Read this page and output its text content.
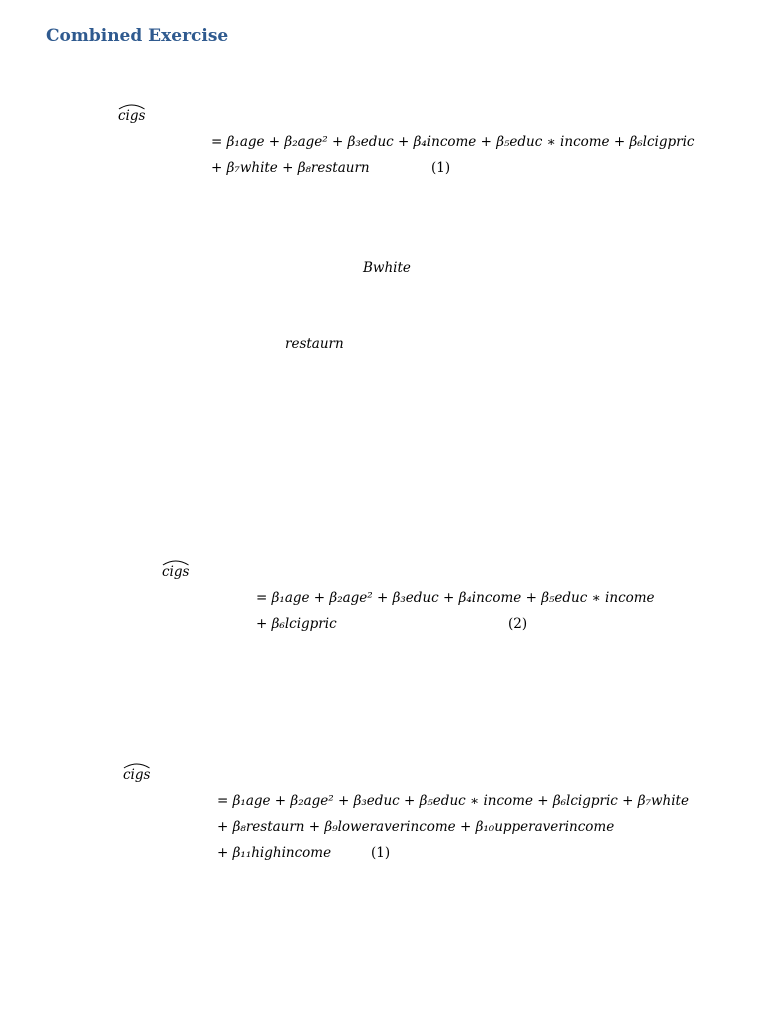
Combined Exercise
cigs
= β₁age + β₂age² + β₃educ + β₄income + β₅educ ∗ income + β₆lcigpric
+ β₇white + β₈restaurn	(1)
Bwhite
restaurn
cigs
= β₁age + β₂age² + β₃educ + β₄income + β₅educ ∗ income
+ β₆lcigpric	(2)
cigs
= β₁age + β₂age² + β₃educ + β₅educ ∗ income + β₆lcigpric + β₇white
+ β₈restaurn + β₉loweraverincome + β₁₀upperaverincome
+ β₁₁highincome	(1)
